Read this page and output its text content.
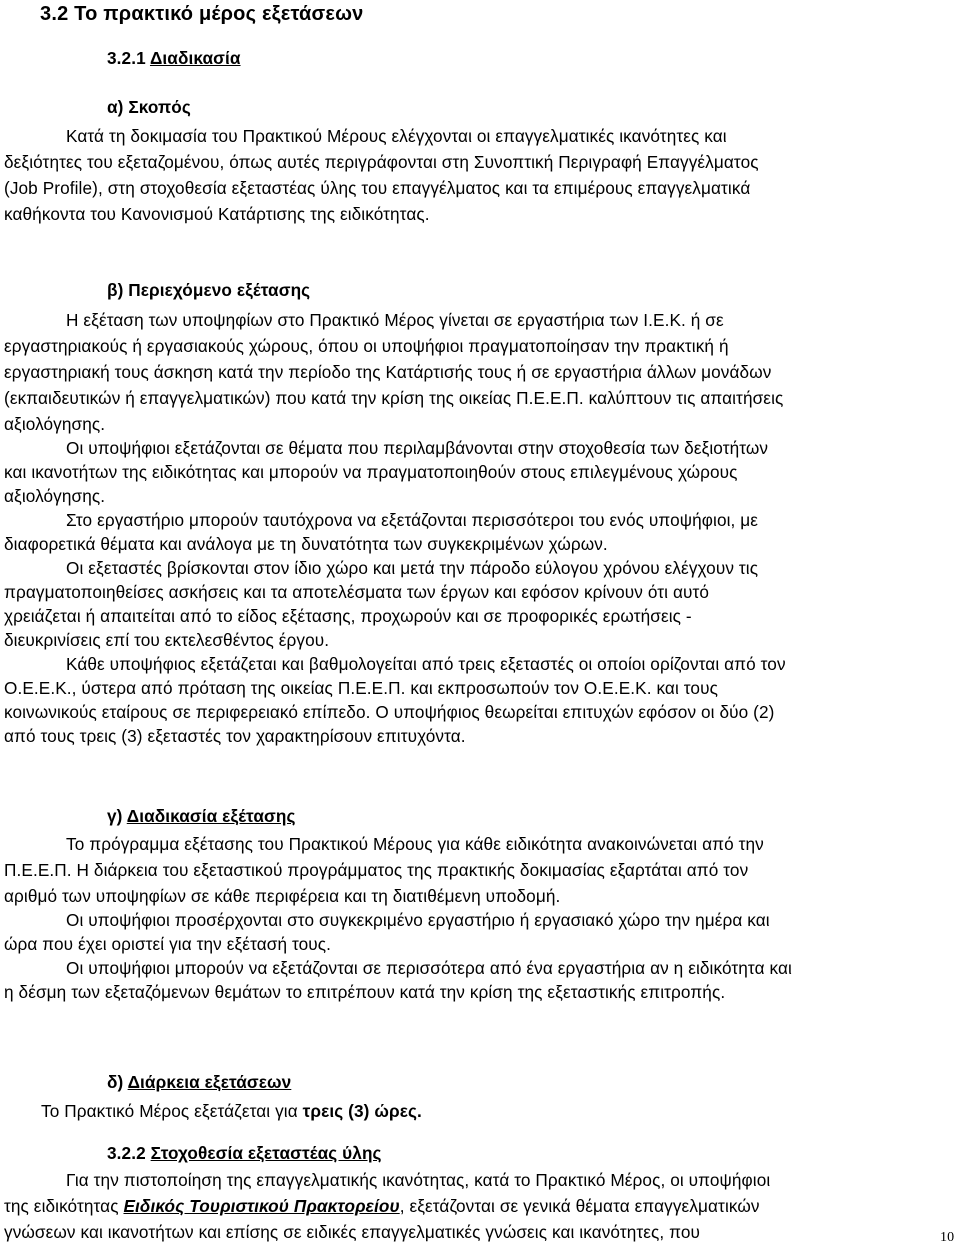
3.2 Το πρακτικό μέρος εξετάσεων
3.2.1 Διαδικασία
α) Σκοπός
Κατά τη δοκιμασία του Πρακτικού Μέρους ελέγχονται οι επαγγελματικές ικανότητες και
δεξιότητες του εξεταζομένου, όπως αυτές περιγράφονται στη Συνοπτική Περιγραφή Επαγγέλματος
(Job Profile), στη στοχοθεσία εξεταστέας ύλης του επαγγέλματος και τα επιμέρους επαγγελματικά
καθήκοντα του Κανονισμού Κατάρτισης της ειδικότητας.
β) Περιεχόμενο εξέτασης
Η εξέταση των υποψηφίων στο Πρακτικό Μέρος γίνεται σε εργαστήρια των Ι.Ε.Κ. ή σε
εργαστηριακούς ή εργασιακούς χώρους, όπου οι υποψήφιοι πραγματοποίησαν την πρακτική ή
εργαστηριακή τους άσκηση κατά την περίοδο της Κατάρτισής τους ή σε εργαστήρια άλλων μονάδων
(εκπαιδευτικών ή επαγγελματικών) που κατά την κρίση της οικείας Π.Ε.Ε.Π. καλύπτουν τις απαιτήσεις
αξιολόγησης.
Οι υποψήφιοι εξετάζονται σε θέματα που περιλαμβάνονται στην στοχοθεσία των δεξιοτήτων
και ικανοτήτων της ειδικότητας και μπορούν να πραγματοποιηθούν στους επιλεγμένους χώρους
αξιολόγησης.
Στο εργαστήριο μπορούν ταυτόχρονα να εξετάζονται περισσότεροι του ενός υποψήφιοι, με
διαφορετικά θέματα και ανάλογα με τη δυνατότητα των συγκεκριμένων χώρων.
Οι εξεταστές βρίσκονται στον ίδιο χώρο και μετά την πάροδο εύλογου χρόνου ελέγχουν τις
πραγματοποιηθείσες ασκήσεις και τα αποτελέσματα των έργων και εφόσον κρίνουν ότι αυτό
χρειάζεται ή απαιτείται από το είδος εξέτασης, προχωρούν και σε προφορικές ερωτήσεις -
διευκρινίσεις επί του εκτελεσθέντος έργου.
Κάθε υποψήφιος εξετάζεται και βαθμολογείται από τρεις εξεταστές οι οποίοι ορίζονται από τον
Ο.Ε.Ε.Κ., ύστερα από πρόταση της οικείας Π.Ε.Ε.Π. και εκπροσωπούν τον Ο.Ε.Ε.Κ. και τους
κοινωνικούς εταίρους σε περιφερειακό επίπεδο. Ο υποψήφιος θεωρείται επιτυχών εφόσον οι δύο (2)
από τους τρεις (3) εξεταστές τον χαρακτηρίσουν επιτυχόντα.
γ) Διαδικασία εξέτασης
Το πρόγραμμα εξέτασης του Πρακτικού Μέρους για κάθε ειδικότητα ανακοινώνεται από την
Π.Ε.Ε.Π. Η διάρκεια του εξεταστικού προγράμματος της πρακτικής δοκιμασίας εξαρτάται από τον
αριθμό των υποψηφίων σε κάθε περιφέρεια και τη διατιθέμενη υποδομή.
Οι υποψήφιοι προσέρχονται στο συγκεκριμένο εργαστήριο ή εργασιακό χώρο την ημέρα και
ώρα που έχει οριστεί για την εξέτασή τους.
Οι υποψήφιοι μπορούν να εξετάζονται σε περισσότερα από ένα εργαστήρια αν η ειδικότητα και
η δέσμη των εξεταζόμενων θεμάτων το επιτρέπουν κατά την κρίση της εξεταστικής επιτροπής.
δ) Διάρκεια εξετάσεων
Το Πρακτικό Μέρος εξετάζεται για τρεις (3) ώρες.
3.2.2 Στοχοθεσία εξεταστέας ύλης
Για την πιστοποίηση της επαγγελματικής ικανότητας, κατά το Πρακτικό Μέρος, οι υποψήφιοι
της ειδικότητας Ειδικός Τουριστικού Πρακτορείου, εξετάζονται σε γενικά θέματα επαγγελματικών
γνώσεων και ικανοτήτων και επίσης σε ειδικές επαγγελματικές γνώσεις και ικανότητες, που	10
